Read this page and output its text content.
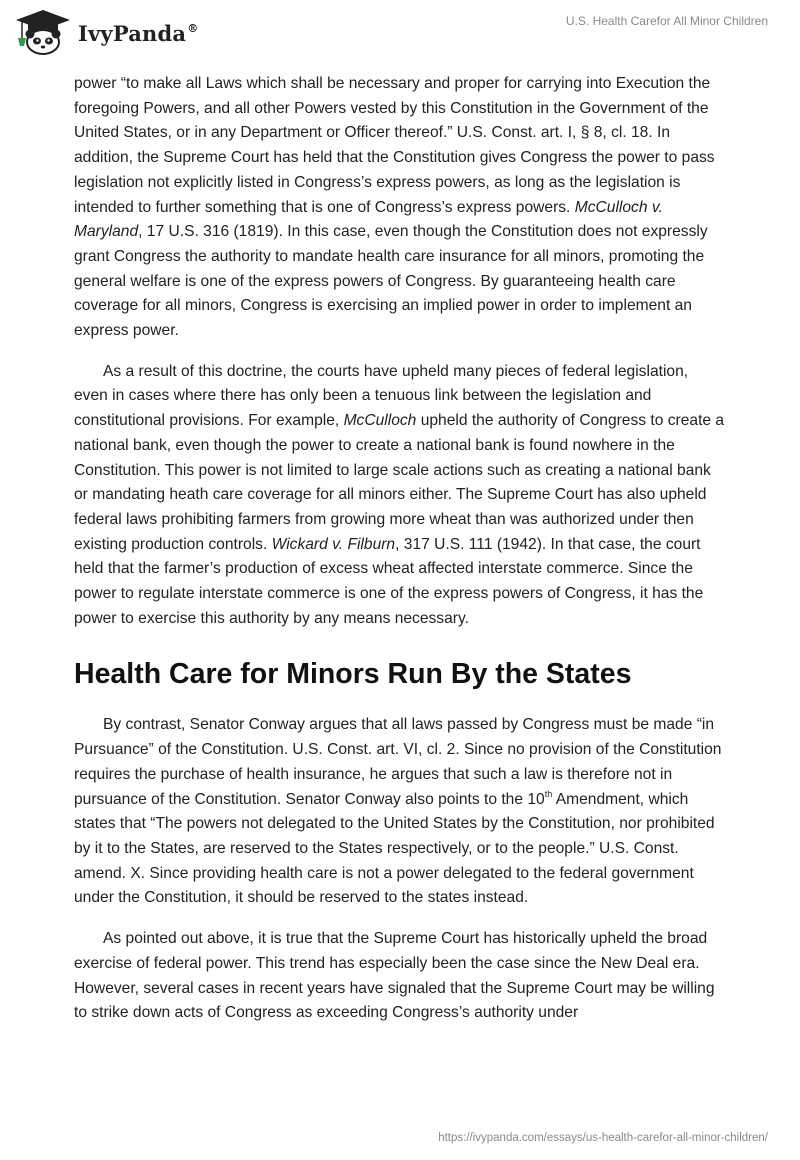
IvyPanda®	U.S. Health Carefor All Minor Children

power “to make all Laws which shall be necessary and proper for carrying into Execution the foregoing Powers, and all other Powers vested by this Constitution in the Government of the United States, or in any Department or Officer thereof.” U.S. Const. art. I, § 8, cl. 18. In addition, the Supreme Court has held that the Constitution gives Congress the power to pass legislation not explicitly listed in Congress’s express powers, as long as the legislation is intended to further something that is one of Congress’s express powers. McCulloch v. Maryland, 17 U.S. 316 (1819). In this case, even though the Constitution does not expressly grant Congress the authority to mandate health care insurance for all minors, promoting the general welfare is one of the express powers of Congress. By guaranteeing health care coverage for all minors, Congress is exercising an implied power in order to implement an express power.

As a result of this doctrine, the courts have upheld many pieces of federal legislation, even in cases where there has only been a tenuous link between the legislation and constitutional provisions. For example, McCulloch upheld the authority of Congress to create a national bank, even though the power to create a national bank is found nowhere in the Constitution. This power is not limited to large scale actions such as creating a national bank or mandating heath care coverage for all minors either. The Supreme Court has also upheld federal laws prohibiting farmers from growing more wheat than was authorized under then existing production controls. Wickard v. Filburn, 317 U.S. 111 (1942). In that case, the court held that the farmer’s production of excess wheat affected interstate commerce. Since the power to regulate interstate commerce is one of the express powers of Congress, it has the power to exercise this authority by any means necessary.

Health Care for Minors Run By the States

By contrast, Senator Conway argues that all laws passed by Congress must be made “in Pursuance” of the Constitution. U.S. Const. art. VI, cl. 2. Since no provision of the Constitution requires the purchase of health insurance, he argues that such a law is therefore not in pursuance of the Constitution. Senator Conway also points to the 10th Amendment, which states that “The powers not delegated to the United States by the Constitution, nor prohibited by it to the States, are reserved to the States respectively, or to the people.” U.S. Const. amend. X. Since providing health care is not a power delegated to the federal government under the Constitution, it should be reserved to the states instead.

As pointed out above, it is true that the Supreme Court has historically upheld the broad exercise of federal power. This trend has especially been the case since the New Deal era. However, several cases in recent years have signaled that the Supreme Court may be willing to strike down acts of Congress as exceeding Congress’s authority under

https://ivypanda.com/essays/us-health-carefor-all-minor-children/
